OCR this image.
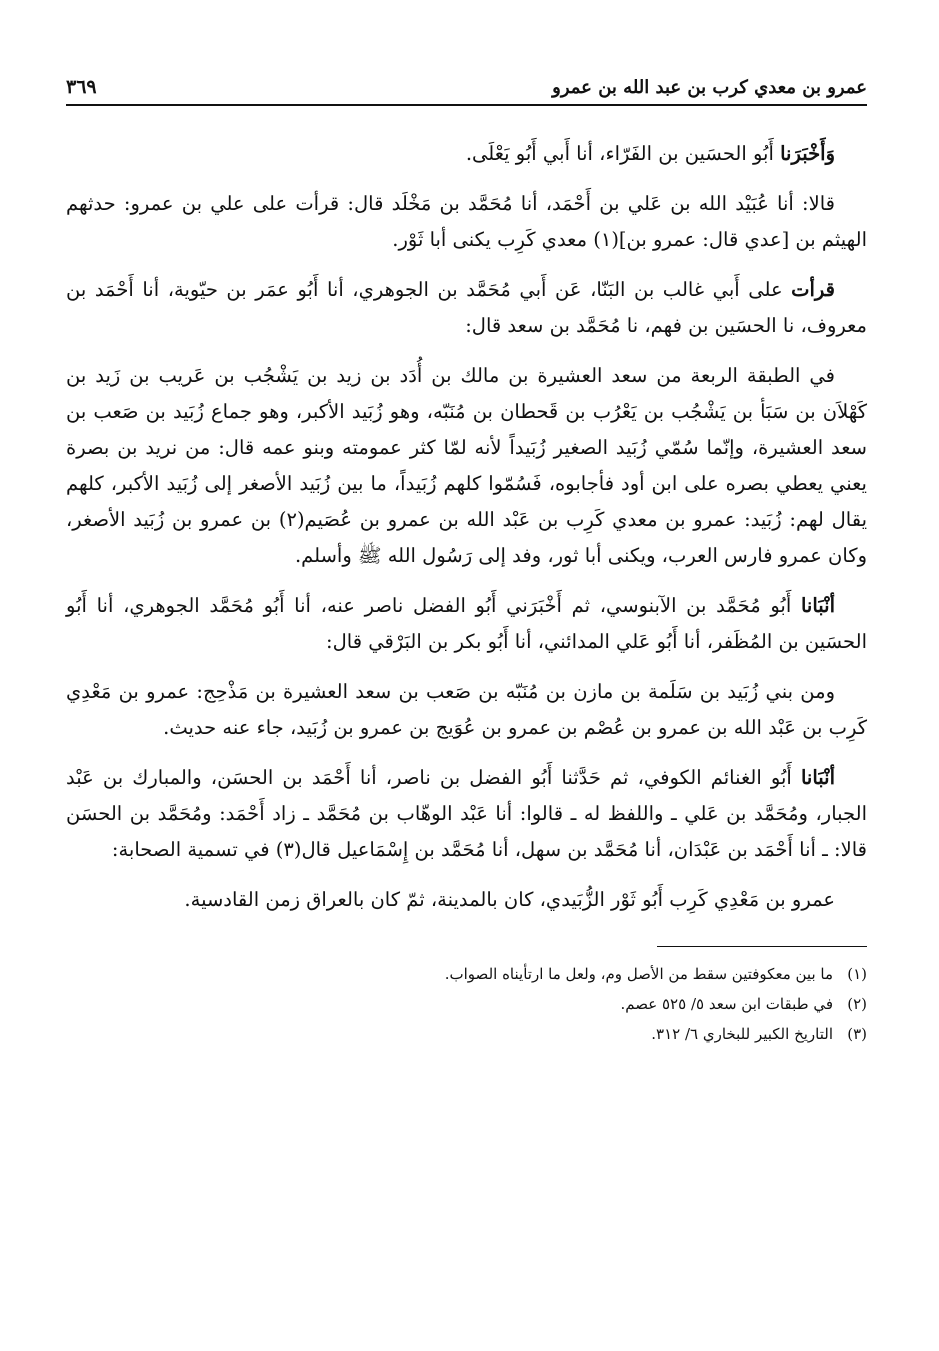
عمرو بن معدي كرب بن عبد الله بن عمرو
٣٦٩

وَأَخْبَرَنا أَبُو الحسَين بن الفَرّاء، أنا أَبي أَبُو يَعْلَى.

قالا: أنا عُبَيْد الله بن عَلي بن أَحْمَد، أنا مُحَمَّد بن مَخْلَد قال: قرأت على علي بن عمرو: حدثهم الهيثم بن [عدي قال: عمرو بن](١) معدي كَرِب يكنى أبا ثَوْر.

قرأت على أَبي غالب بن البَنّا، عَن أَبي مُحَمَّد بن الجوهري، أنا أَبُو عمَر بن حيّوية، أنا أَحْمَد بن معروف، نا الحسَين بن فهم، نا مُحَمَّد بن سعد قال:

في الطبقة الربعة من سعد العشيرة بن مالك بن أُدَد بن زيد بن يَشْجُب بن عَريب بن زَيد بن كَهْلاَن بن سَبَأ بن يَشْجُب بن يَعْرُب بن قَحطان بن مُنَبّه، وهو زُبَيد الأكبر، وهو جماع زُبَيد بن صَعب بن سعد العشيرة، وإنّما سُمّي زُبَيد الصغير زُبَيداً لأنه لمّا كثر عمومته وبنو عمه قال: من نريد بن بصرة يعني يعطي بصره على ابن أود فأجابوه، فَسُمّوا كلهم زُبَيداً، ما بين زُبَيد الأصغر إلى زُبَيد الأكبر، كلهم يقال لهم: زُبَيد: عمرو بن معدي كَرِب بن عَبْد الله بن عمرو بن عُصَيم(٢) بن عمرو بن زُبَيد الأصغر، وكان عمرو فارس العرب، ويكنى أبا ثور، وفد إلى رَسُول الله ﷺ وأسلم.

أنْبَانا أَبُو مُحَمَّد بن الآبنوسي، ثم أَخْبَرَني أَبُو الفضل ناصر عنه، أنا أَبُو مُحَمَّد الجوهري، أنا أَبُو الحسَين بن المُظَفر، أنا أَبُو عَلي المدائني، أنا أَبُو بكر بن البَرْقي قال:

ومن بني زُبَيد بن سَلَمة بن مازن بن مُنَبّه بن صَعب بن سعد العشيرة بن مَذْحِج: عمرو بن مَعْدِي كَرِب بن عَبْد الله بن عمرو بن عُصْم بن عمرو بن عُوَيج بن عمرو بن زُبَيد، جاء عنه حديث.

أنْبَانا أَبُو الغنائم الكوفي، ثم حَدَّثنا أَبُو الفضل بن ناصر، أنا أَحْمَد بن الحسَن، والمبارك بن عَبْد الجبار، ومُحَمَّد بن عَلي ـ واللفظ له ـ قالوا: أنا عَبْد الوهّاب بن مُحَمَّد ـ زاد أَحْمَد: ومُحَمَّد بن الحسَن قالا: ـ أنا أَحْمَد بن عَبْدَان، أنا مُحَمَّد بن سهل، أنا مُحَمَّد بن إِسْمَاعيل قال(٣) في تسمية الصحابة:

عمرو بن مَعْدِي كَرِب أَبُو ثَوْر الزُّبَيدي، كان بالمدينة، ثمّ كان بالعراق زمن القادسية.

(١)ما بين معكوفتين سقط من الأصل وم، ولعل ما ارتأيناه الصواب.
(٢)في طبقات ابن سعد ٥/ ٥٢٥ عصم.
(٣)التاريخ الكبير للبخاري ٦/ ٣١٢.
